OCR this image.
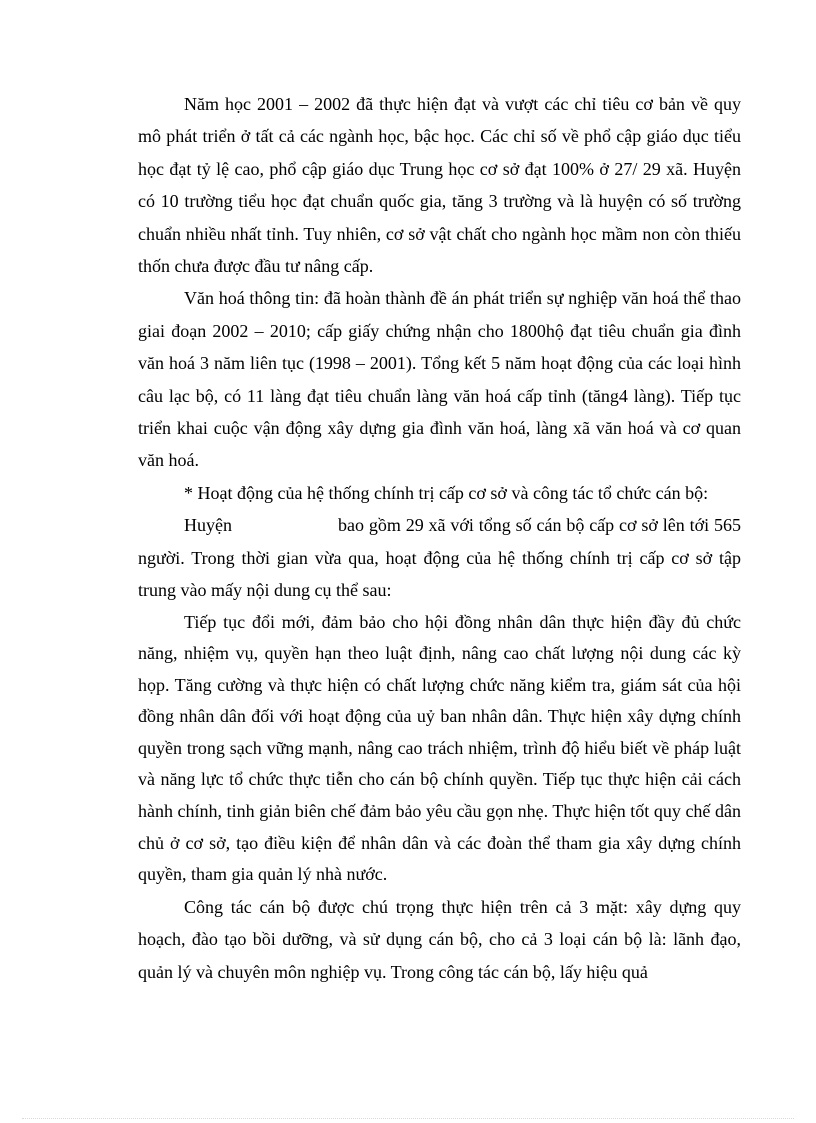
Năm học 2001 – 2002 đã thực hiện đạt và vượt các chỉ tiêu cơ bản về quy mô phát triển ở tất cả các ngành học, bậc học. Các chỉ số về phổ cập giáo dục tiểu học đạt tỷ lệ cao, phổ cập giáo dục Trung học cơ sở đạt 100% ở 27/ 29 xã. Huyện có 10 trường tiểu học đạt chuẩn quốc gia, tăng 3 trường và là huyện có số trường chuẩn nhiều nhất tỉnh. Tuy nhiên, cơ sở vật chất cho ngành học mầm non còn thiếu thốn chưa được đầu tư nâng cấp.

Văn hoá thông tin: đã hoàn thành đề án phát triển sự nghiệp văn hoá thể thao giai đoạn 2002 – 2010; cấp giấy chứng nhận cho 1800hộ đạt tiêu chuẩn gia đình văn hoá 3 năm liên tục (1998 – 2001). Tổng kết 5 năm hoạt động của các loại hình câu lạc bộ, có 11 làng đạt tiêu chuẩn làng văn hoá cấp tỉnh (tăng4 làng). Tiếp tục triển khai cuộc vận động xây dựng gia đình văn hoá, làng xã văn hoá và cơ quan văn hoá.

* Hoạt động của hệ thống chính trị cấp cơ sở và công tác tổ chức cán bộ:

Huyện	bao gồm 29 xã với tổng số cán bộ cấp cơ sở lên tới 565 người. Trong thời gian vừa qua, hoạt động của hệ thống chính trị cấp cơ sở tập trung vào mấy nội dung cụ thể sau:

Tiếp tục đổi mới, đảm bảo cho hội đồng nhân dân thực hiện đầy đủ chức năng, nhiệm vụ, quyền hạn theo luật định, nâng cao chất lượng nội dung các kỳ họp. Tăng cường và thực hiện có chất lượng chức năng kiểm tra, giám sát của hội đồng nhân dân đối với hoạt động của uỷ ban nhân dân. Thực hiện xây dựng chính quyền trong sạch vững mạnh, nâng cao trách nhiệm, trình độ hiểu biết về pháp luật và năng lực tổ chức thực tiễn cho cán bộ chính quyền. Tiếp tục thực hiện cải cách hành chính, tinh giản biên chế đảm bảo yêu cầu gọn nhẹ. Thực hiện tốt quy chế dân chủ ở cơ sở, tạo điều kiện để nhân dân và các đoàn thể tham gia xây dựng chính quyền, tham gia quản lý nhà nước.

Công tác cán bộ được chú trọng thực hiện trên cả 3 mặt: xây dựng quy hoạch, đào tạo bồi dưỡng, và sử dụng cán bộ, cho cả 3 loại cán bộ là: lãnh đạo, quản lý và chuyên môn nghiệp vụ. Trong công tác cán bộ, lấy hiệu quả
